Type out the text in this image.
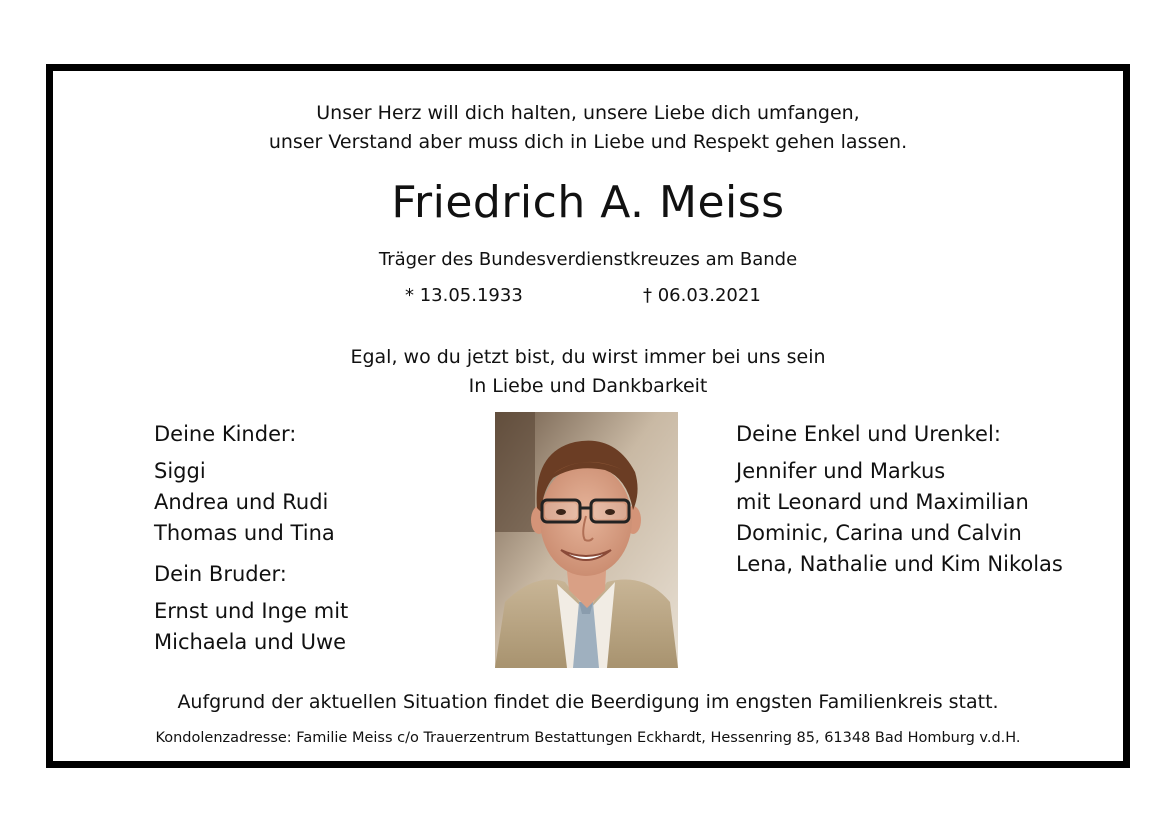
Unser Herz will dich halten, unsere Liebe dich umfangen,
unser Verstand aber muss dich in Liebe und Respekt gehen lassen.
Friedrich A. Meiss
Träger des Bundesverdienstkreuzes am Bande
* 13.05.1933	† 06.03.2021
Egal, wo du jetzt bist, du wirst immer bei uns sein
In Liebe und Dankbarkeit
Deine Kinder:
Siggi
Andrea und Rudi
Thomas und Tina
Dein Bruder:
Ernst und Inge mit
Michaela und Uwe
Deine Enkel und Urenkel:
Jennifer und Markus
mit Leonard und Maximilian
Dominic, Carina und Calvin
Lena, Nathalie und Kim Nikolas
Aufgrund der aktuellen Situation findet die Beerdigung im engsten Familienkreis statt.
Kondolenzadresse: Familie Meiss c/o Trauerzentrum Bestattungen Eckhardt, Hessenring 85, 61348 Bad Homburg v.d.H.
